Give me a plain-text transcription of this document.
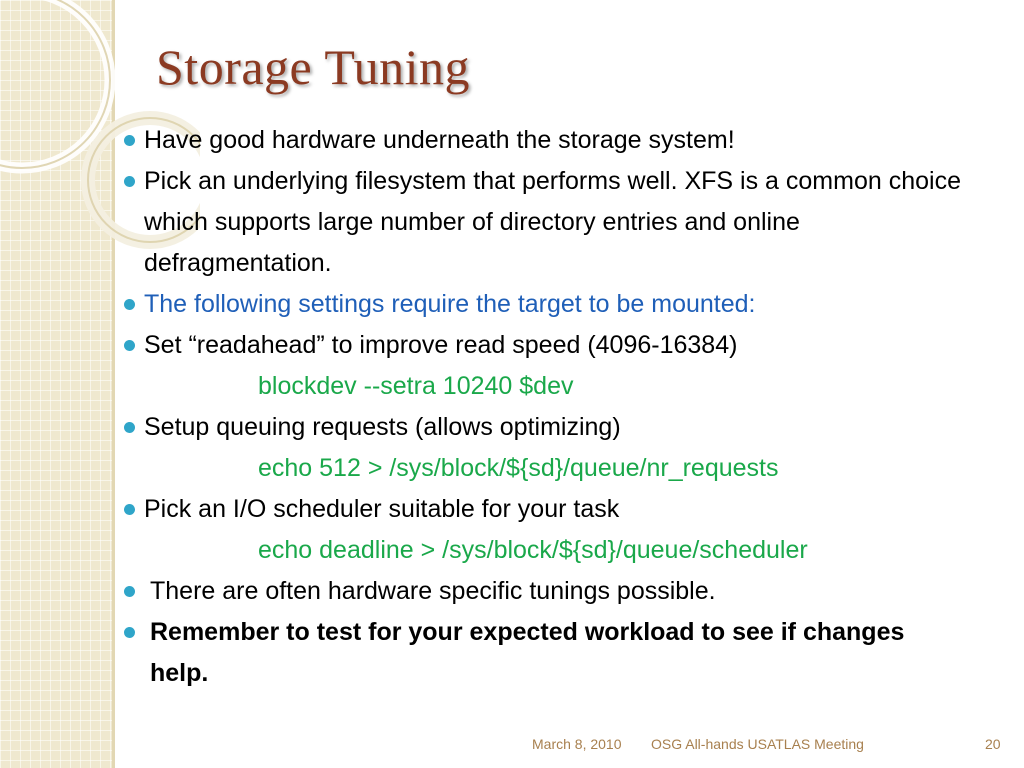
Storage Tuning
Have good hardware underneath the storage system!
Pick an underlying filesystem that performs well. XFS is a common choice which supports large number of directory entries and online defragmentation.
The following settings require the target to be mounted:
Set “readahead” to improve read speed (4096-16384)
blockdev --setra 10240 $dev
Setup queuing requests (allows optimizing)
echo 512 > /sys/block/${sd}/queue/nr_requests
Pick an I/O scheduler suitable for your task
echo deadline > /sys/block/${sd}/queue/scheduler
There are often hardware specific tunings possible.
Remember to test for your expected workload to see if changes help.
March 8, 2010 OSG All-hands USATLAS Meeting	20
